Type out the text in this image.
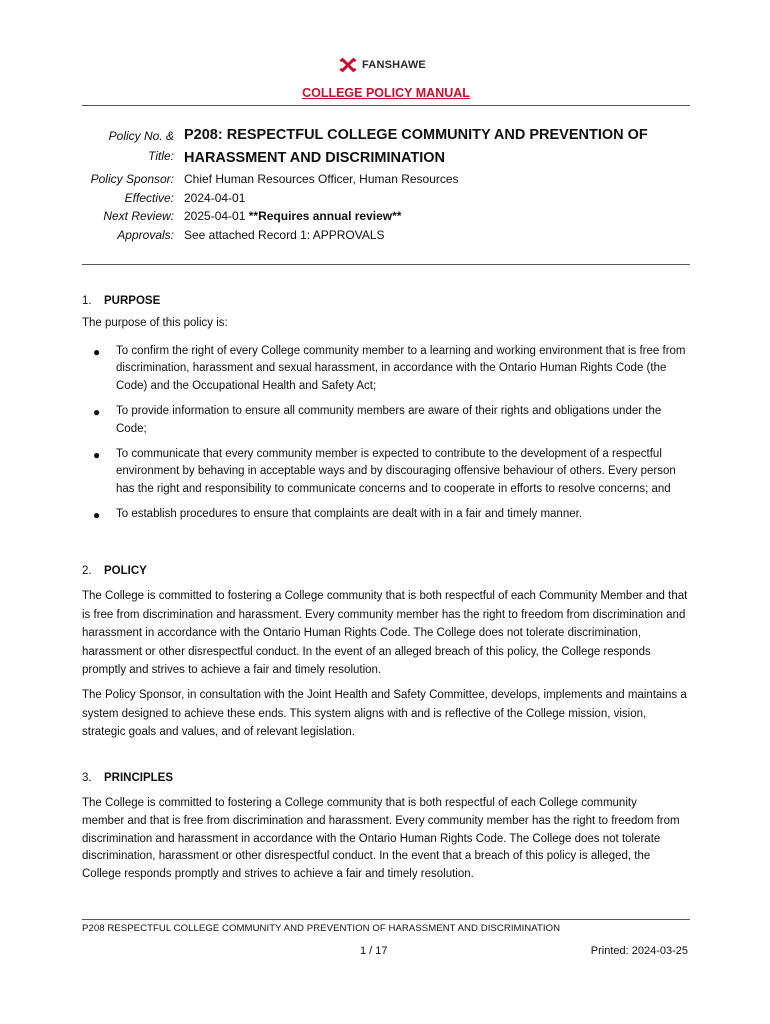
FANSHAWE
COLLEGE POLICY MANUAL
Policy No. & Title:
P208: RESPECTFUL COLLEGE COMMUNITY AND PREVENTION OF HARASSMENT AND DISCRIMINATION
Policy Sponsor: Chief Human Resources Officer, Human Resources
Effective: 2024-04-01
Next Review: 2025-04-01 **Requires annual review**
Approvals: See attached Record 1: APPROVALS
1. PURPOSE
The purpose of this policy is:
● To confirm the right of every College community member to a learning and working environment that is free from discrimination, harassment and sexual harassment, in accordance with the Ontario Human Rights Code (the Code) and the Occupational Health and Safety Act;
● To provide information to ensure all community members are aware of their rights and obligations under the Code;
● To communicate that every community member is expected to contribute to the development of a respectful environment by behaving in acceptable ways and by discouraging offensive behaviour of others. Every person has the right and responsibility to communicate concerns and to cooperate in efforts to resolve concerns; and
● To establish procedures to ensure that complaints are dealt with in a fair and timely manner.
2. POLICY
The College is committed to fostering a College community that is both respectful of each Community Member and that is free from discrimination and harassment. Every community member has the right to freedom from discrimination and harassment in accordance with the Ontario Human Rights Code. The College does not tolerate discrimination, harassment or other disrespectful conduct. In the event of an alleged breach of this policy, the College responds promptly and strives to achieve a fair and timely resolution.
The Policy Sponsor, in consultation with the Joint Health and Safety Committee, develops, implements and maintains a system designed to achieve these ends. This system aligns with and is reflective of the College mission, vision, strategic goals and values, and of relevant legislation.
3. PRINCIPLES
The College is committed to fostering a College community that is both respectful of each College community member and that is free from discrimination and harassment. Every community member has the right to freedom from discrimination and harassment in accordance with the Ontario Human Rights Code. The College does not tolerate discrimination, harassment or other disrespectful conduct. In the event that a breach of this policy is alleged, the College responds promptly and strives to achieve a fair and timely resolution.
P208 RESPECTFUL COLLEGE COMMUNITY AND PREVENTION OF HARASSMENT AND DISCRIMINATION
1 / 17	Printed: 2024-03-25
